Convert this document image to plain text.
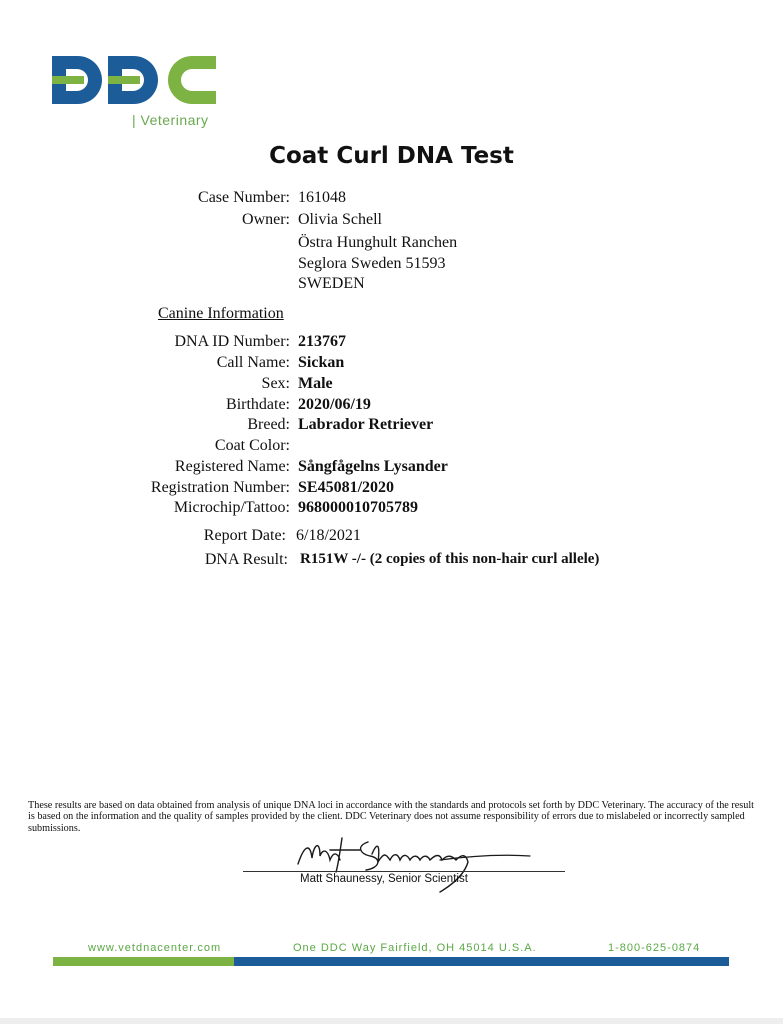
| Veterinary
Coat Curl DNA Test
Case Number: 161048
Owner: Olivia Schell
Östra Hunghult Ranchen
Seglora Sweden 51593
SWEDEN
Canine Information
DNA ID Number: 213767
Call Name: Sickan
Sex: Male
Birthdate: 2020/06/19
Breed: Labrador Retriever
Coat Color:
Registered Name: Sångfågelns Lysander
Registration Number: SE45081/2020
Microchip/Tattoo: 968000010705789
Report Date: 6/18/2021
DNA Result: R151W -/- (2 copies of this non-hair curl allele)
These results are based on data obtained from analysis of unique DNA loci in accordance with the standards and protocols set forth by DDC Veterinary. The accuracy of the result is based on the information and the quality of samples provided by the client. DDC Veterinary does not assume responsibility of errors due to mislabeled or incorrectly sampled submissions.
Matt Shaunessy, Senior Scientist
www.vetdnacenter.com	One DDC Way Fairfield, OH 45014 U.S.A.	1-800-625-0874
